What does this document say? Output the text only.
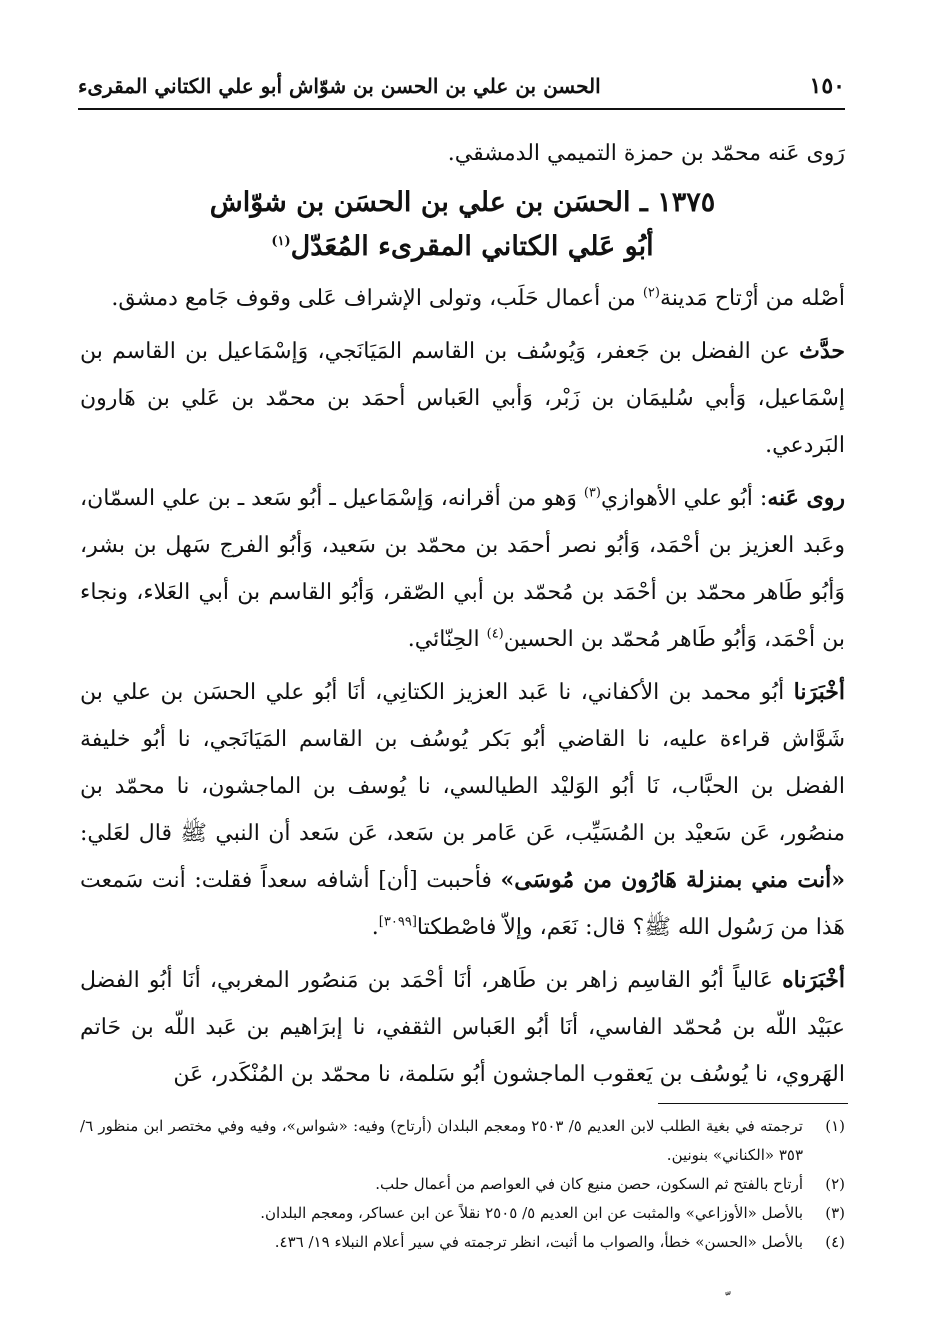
١٥٠
الحسن بن علي بن الحسن بن شوّاش أبو علي الكتاني المقرىء

رَوى عَنه محمّد بن حمزة التميمي الدمشقي.

١٣٧٥ ـ الحسَن بن علي بن الحسَن بن شوّاش
أبُو عَلي الكتاني المقرىء المُعَدّل$^{(١)}$

أصْله من أرْتاح مَدينة$^{(٢)}$ من أعمال حَلَب، وتولى الإشراف عَلى وقوف جَامع دمشق.

حدَّث عن الفضل بن جَعفر، وَيُوسُف بن القاسم المَيَانَجي، وَإسْمَاعيل بن القاسم بن إسْمَاعيل، وَأبي سُليمَان بن زَبْر، وَأبي العَباس أحمَد بن محمّد بن عَلي بن هَارون البَردعي.

روى عَنه: أبُو علي الأهوازي$^{(٣)}$ وَهو من أقرانه، وَإسْمَاعيل ـ أبُو سَعد ـ بن علي السمّان، وعَبد العزيز بن أحْمَد، وَأبُو نصر أحمَد بن محمّد بن سَعيد، وَأبُو الفرج سَهل بن بشر، وَأبُو طَاهر محمّد بن أحْمَد بن مُحمّد بن أبي الصّقر، وَأبُو القاسم بن أبي العَلاء، ونجاء بن أحْمَد، وَأبُو طَاهر مُحمّد بن الحسين$^{(٤)}$ الحِنّائي.

أخْبَرَنا أبُو محمد بن الأكفاني، نا عَبد العزيز الكتانِي، أنَا أبُو علي الحسَن بن علي بن شَوَّاش قراءة عليه، نا القاضي أبُو بَكر يُوسُف بن القاسم المَيَانَجي، نا أبُو خليفة الفضل بن الحبَّاب، نَا أبُو الوَليْد الطيالسي، نا يُوسف بن الماجشون، نا محمّد بن منصُور، عَن سَعيْد بن المُسَيِّب، عَن عَامر بن سَعد، عَن سَعد أن النبي ﷺ قال لعَلي: «أنت مني بمنزلة هَارُون من مُوسَى» فأحببت [أن] أشافه سعداً فقلت: أنت سَمعت هَذا من رَسُول الله ﷺ؟ قال: نَعَم، وإلاّ فاصْطكتا[٣٠٩٩].

أخْبَرَناه عَالياً أبُو القاسِم زاهر بن طَاهر، أنَا أحْمَد بن مَنصُور المغربي، أنَا أبُو الفضل عبَيْد اللّه بن مُحمّد الفاسي، أنَا أبُو العَباس الثقفي، نا إبرَاهيم بن عَبد اللّه بن حَاتم الهَروي، نا يُوسُف بن يَعقوب الماجشون أبُو سَلمة، نا محمّد بن المُنْكَدر، عَن

(١)
ترجمته في بغية الطلب لابن العديم ٥/ ٢٥٠٣ ومعجم البلدان (أرتاح) وفيه: «شواس»، وفيه وفي مختصر ابن منظور ٦/ ٣٥٣ «الكناني» بنونين.
(٢)
أرتاح بالفتح ثم السكون، حصن منيع كان في العواصم من أعمال حلب.
(٣)
بالأصل «الأوزاعي» والمثبت عن ابن العديم ٥/ ٢٥٠٥ نقلاً عن ابن عساكر، ومعجم البلدان.
(٤)
بالأصل «الحسن» خطأ، والصواب ما أثبت، انظر ترجمته في سير أعلام النبلاء ١٩/ ٤٣٦.
